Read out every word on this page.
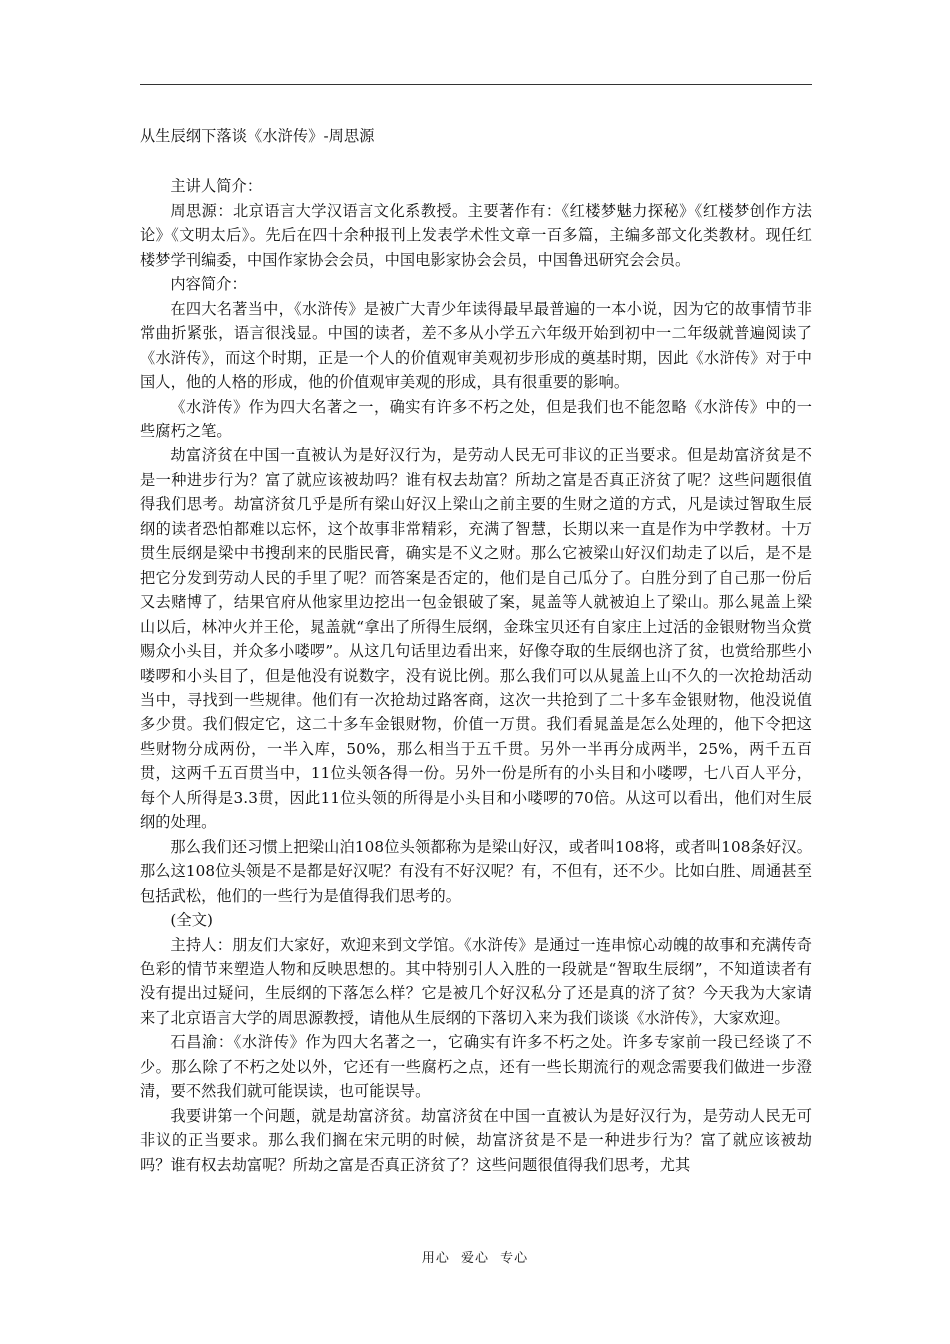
从生辰纲下落谈《水浒传》-周思源

主讲人简介：

周思源：北京语言大学汉语言文化系教授。主要著作有：《红楼梦魅力探秘》《红楼梦创作方法论》《文明太后》。先后在四十余种报刊上发表学术性文章一百多篇，主编多部文化类教材。现任红楼梦学刊编委，中国作家协会会员，中国电影家协会会员，中国鲁迅研究会会员。

内容简介：

在四大名著当中，《水浒传》是被广大青少年读得最早最普遍的一本小说，因为它的故事情节非常曲折紧张，语言很浅显。中国的读者，差不多从小学五六年级开始到初中一二年级就普遍阅读了《水浒传》，而这个时期，正是一个人的价值观审美观初步形成的奠基时期，因此《水浒传》对于中国人，他的人格的形成，他的价值观审美观的形成，具有很重要的影响。

《水浒传》作为四大名著之一，确实有许多不朽之处，但是我们也不能忽略《水浒传》中的一些腐朽之笔。

劫富济贫在中国一直被认为是好汉行为，是劳动人民无可非议的正当要求。但是劫富济贫是不是一种进步行为？富了就应该被劫吗？谁有权去劫富？所劫之富是否真正济贫了呢？这些问题很值得我们思考。劫富济贫几乎是所有梁山好汉上梁山之前主要的生财之道的方式，凡是读过智取生辰纲的读者恐怕都难以忘怀，这个故事非常精彩，充满了智慧，长期以来一直是作为中学教材。十万贯生辰纲是梁中书搜刮来的民脂民膏，确实是不义之财。那么它被梁山好汉们劫走了以后，是不是把它分发到劳动人民的手里了呢？而答案是否定的，他们是自己瓜分了。白胜分到了自己那一份后又去赌博了，结果官府从他家里边挖出一包金银破了案，晁盖等人就被迫上了梁山。那么晁盖上梁山以后，林冲火并王伦，晁盖就“拿出了所得生辰纲，金珠宝贝还有自家庄上过活的金银财物当众赏赐众小头目，并众多小喽啰”。从这几句话里边看出来，好像夺取的生辰纲也济了贫，也赏给那些小喽啰和小头目了，但是他没有说数字，没有说比例。那么我们可以从晁盖上山不久的一次抢劫活动当中，寻找到一些规律。他们有一次抢劫过路客商，这次一共抢到了二十多车金银财物，他没说值多少贯。我们假定它，这二十多车金银财物，价值一万贯。我们看晁盖是怎么处理的，他下令把这些财物分成两份，一半入库，50%，那么相当于五千贯。另外一半再分成两半，25%，两千五百贯，这两千五百贯当中，11位头领各得一份。另外一份是所有的小头目和小喽啰，七八百人平分，每个人所得是3.3贯，因此11位头领的所得是小头目和小喽啰的70倍。从这可以看出，他们对生辰纲的处理。

那么我们还习惯上把梁山泊108位头领都称为是梁山好汉，或者叫108将，或者叫108条好汉。那么这108位头领是不是都是好汉呢？有没有不好汉呢？有，不但有，还不少。比如白胜、周通甚至包括武松，他们的一些行为是值得我们思考的。

(全文)

主持人：朋友们大家好，欢迎来到文学馆。《水浒传》是通过一连串惊心动魄的故事和充满传奇色彩的情节来塑造人物和反映思想的。其中特别引人入胜的一段就是“智取生辰纲”，不知道读者有没有提出过疑问，生辰纲的下落怎么样？它是被几个好汉私分了还是真的济了贫？今天我为大家请来了北京语言大学的周思源教授，请他从生辰纲的下落切入来为我们谈谈《水浒传》，大家欢迎。

石昌渝：《水浒传》作为四大名著之一，它确实有许多不朽之处。许多专家前一段已经谈了不少。那么除了不朽之处以外，它还有一些腐朽之点，还有一些长期流行的观念需要我们做进一步澄清，要不然我们就可能误读，也可能误导。

我要讲第一个问题，就是劫富济贫。劫富济贫在中国一直被认为是好汉行为，是劳动人民无可非议的正当要求。那么我们搁在宋元明的时候，劫富济贫是不是一种进步行为？富了就应该被劫吗？谁有权去劫富呢？所劫之富是否真正济贫了？这些问题很值得我们思考，尤其

用心 爱心 专心
